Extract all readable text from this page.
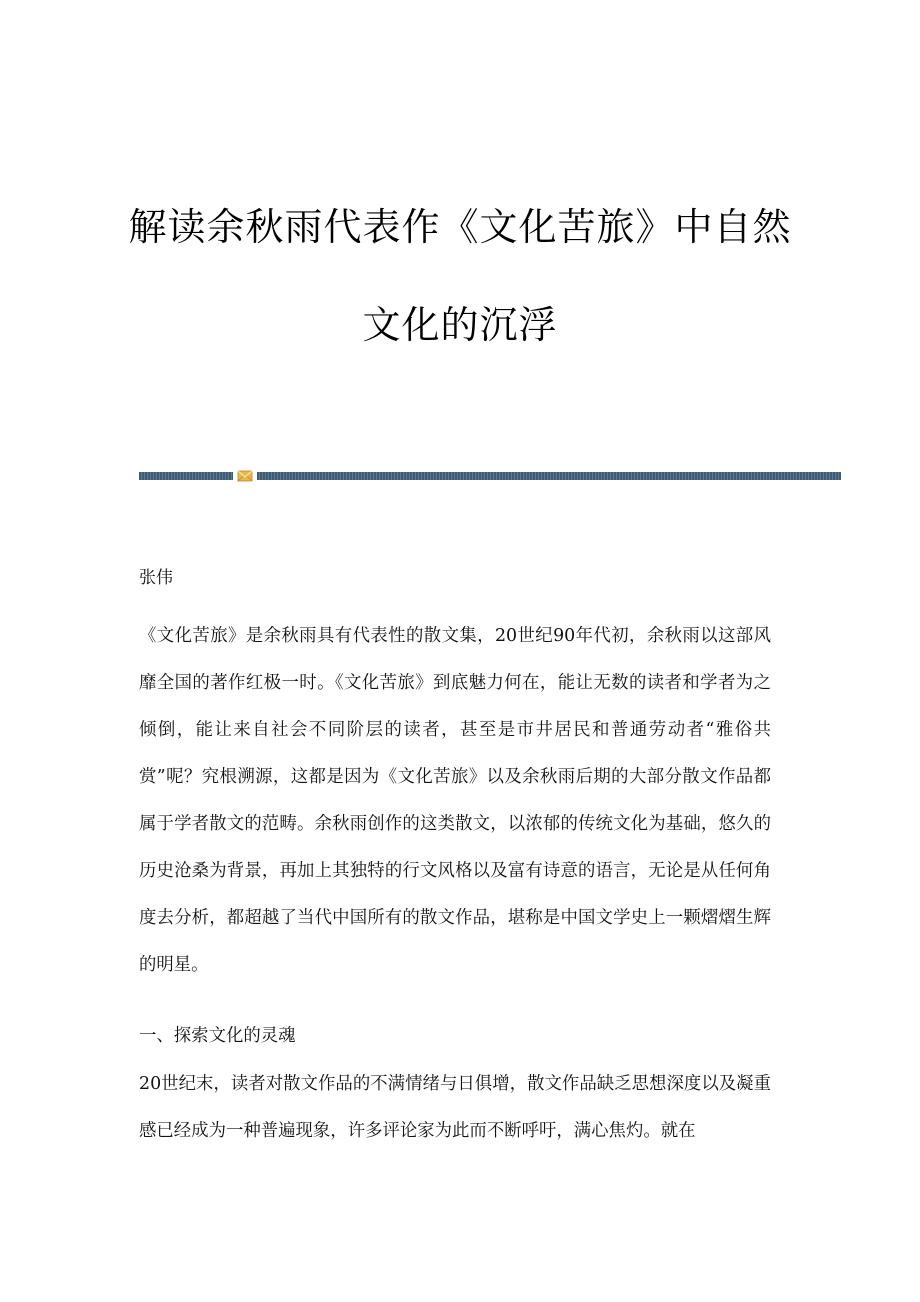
解读余秋雨代表作《文化苦旅》中自然

文化的沉浮

张伟

《文化苦旅》是余秋雨具有代表性的散文集，20世纪90年代初，余秋雨以这部风靡全国的著作红极一时。《文化苦旅》到底魅力何在，能让无数的读者和学者为之倾倒，能让来自社会不同阶层的读者，甚至是市井居民和普通劳动者“雅俗共赏”呢？究根溯源，这都是因为《文化苦旅》以及余秋雨后期的大部分散文作品都属于学者散文的范畴。余秋雨创作的这类散文，以浓郁的传统文化为基础，悠久的历史沧桑为背景，再加上其独特的行文风格以及富有诗意的语言，无论是从任何角度去分析，都超越了当代中国所有的散文作品，堪称是中国文学史上一颗熠熠生辉的明星。

一、探索文化的灵魂

20世纪末，读者对散文作品的不满情绪与日俱增，散文作品缺乏思想深度以及凝重感已经成为一种普遍现象，许多评论家为此而不断呼吁，满心焦灼。就在
